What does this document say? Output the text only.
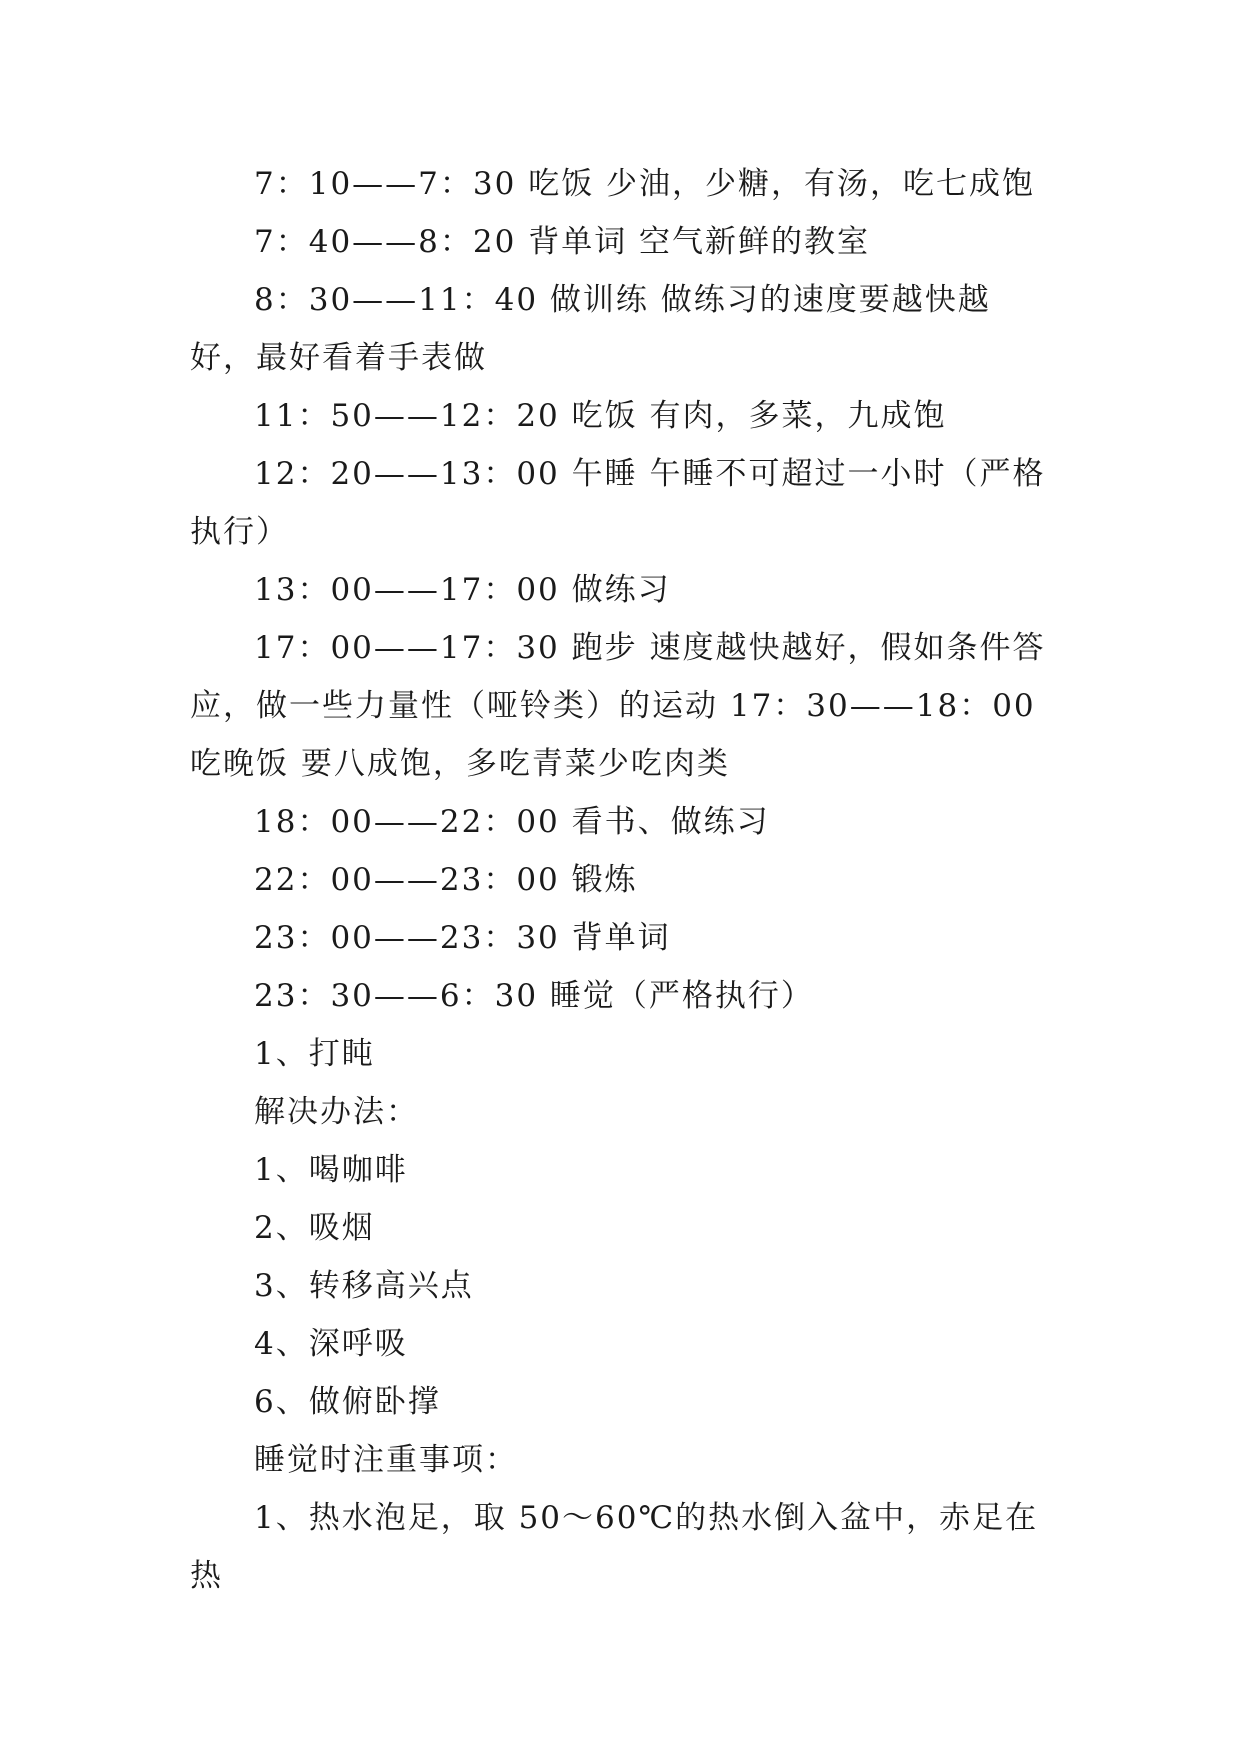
7：10——7：30 吃饭 少油，少糖，有汤，吃七成饱

7：40——8：20 背单词 空气新鲜的教室

8：30——11：40 做训练 做练习的速度要越快越好，最好看着手表做

11：50——12：20 吃饭 有肉，多菜，九成饱

12：20——13：00 午睡 午睡不可超过一小时（严格执行）

13：00——17：00 做练习

17：00——17：30 跑步 速度越快越好，假如条件答应，做一些力量性（哑铃类）的运动 17：30——18：00 吃晚饭 要八成饱，多吃青菜少吃肉类

18：00——22：00 看书、做练习

22：00——23：00 锻炼

23：00——23：30 背单词

23：30——6：30 睡觉（严格执行）

1、打盹

解决办法：

1、喝咖啡

2、吸烟

3、转移高兴点

4、深呼吸

6、做俯卧撑

睡觉时注重事项：

1、热水泡足，取 50～60℃的热水倒入盆中，赤足在热
